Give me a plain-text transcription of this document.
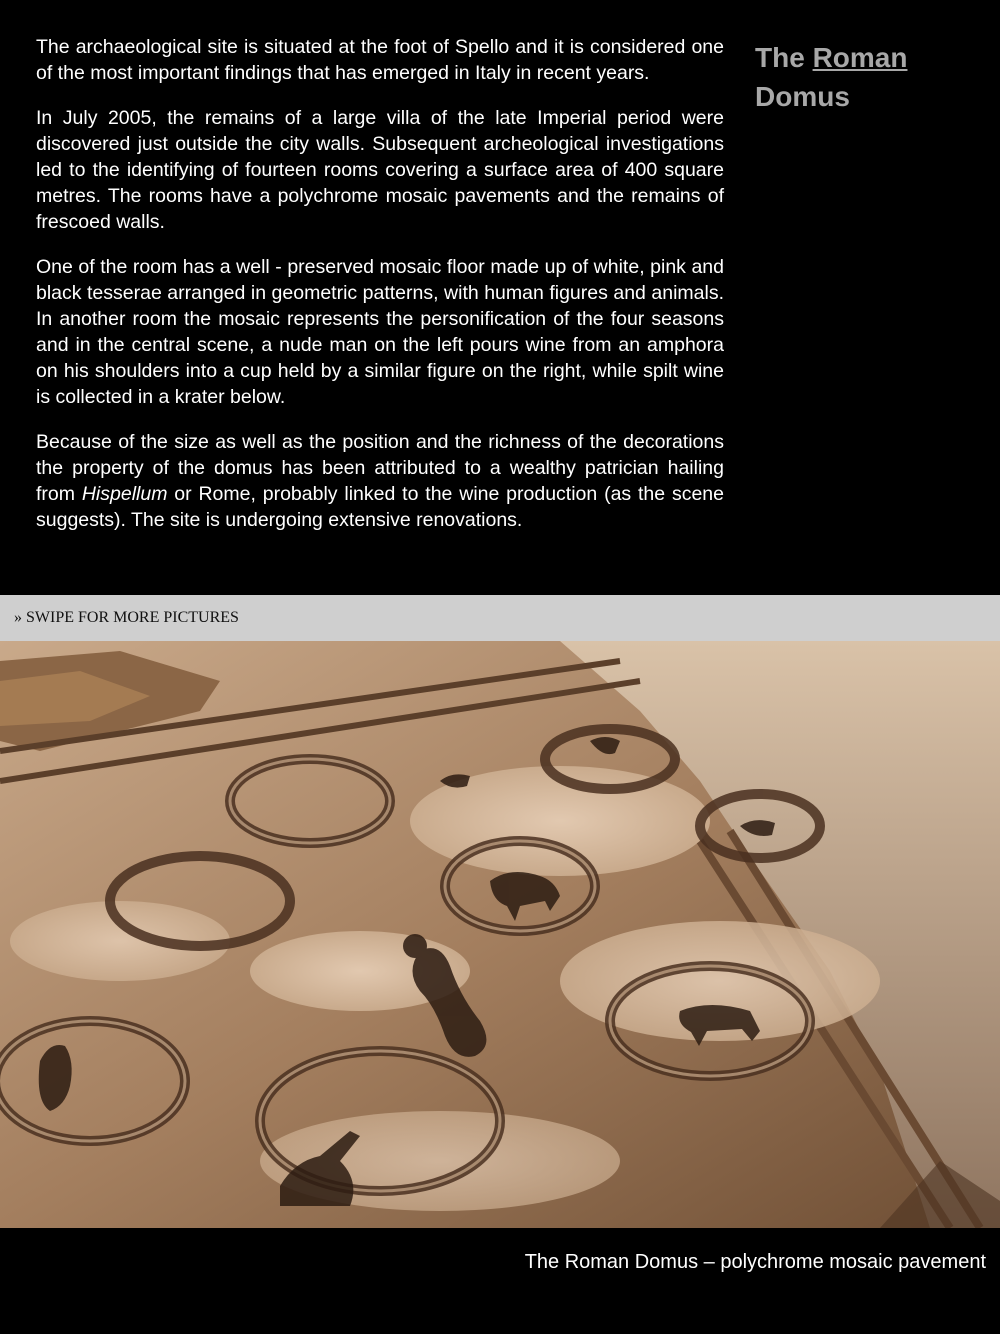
The archaeological site is situated at the foot of Spello and it is considered one of the most important findings that has emerged in Italy in recent years.

In July 2005, the remains of a large villa of the late Imperial period were discovered just outside the city walls. Subsequent archeological investigations led to the identifying of fourteen rooms covering a surface area of 400 square metres. The rooms have a polychrome mosaic pavements and the remains of frescoed walls.

One of the room has a well - preserved mosaic floor made up of white, pink and black tesserae arranged in geometric patterns, with human figures and animals. In another room the mosaic represents the personification of the four seasons and in the central scene, a nude man on the left pours wine from an amphora on his shoulders into a cup held by a similar figure on the right, while spilt wine is collected in a krater below.

Because of the size as well as the position and the richness of the decorations the property of the domus has been attributed to a wealthy patrician hailing from Hispellum or Rome, probably linked to the wine production (as the scene suggests). The site is undergoing extensive renovations.

The Roman
Domus
» SWIPE FOR MORE PICTURES
The Roman Domus – polychrome mosaic pavement
